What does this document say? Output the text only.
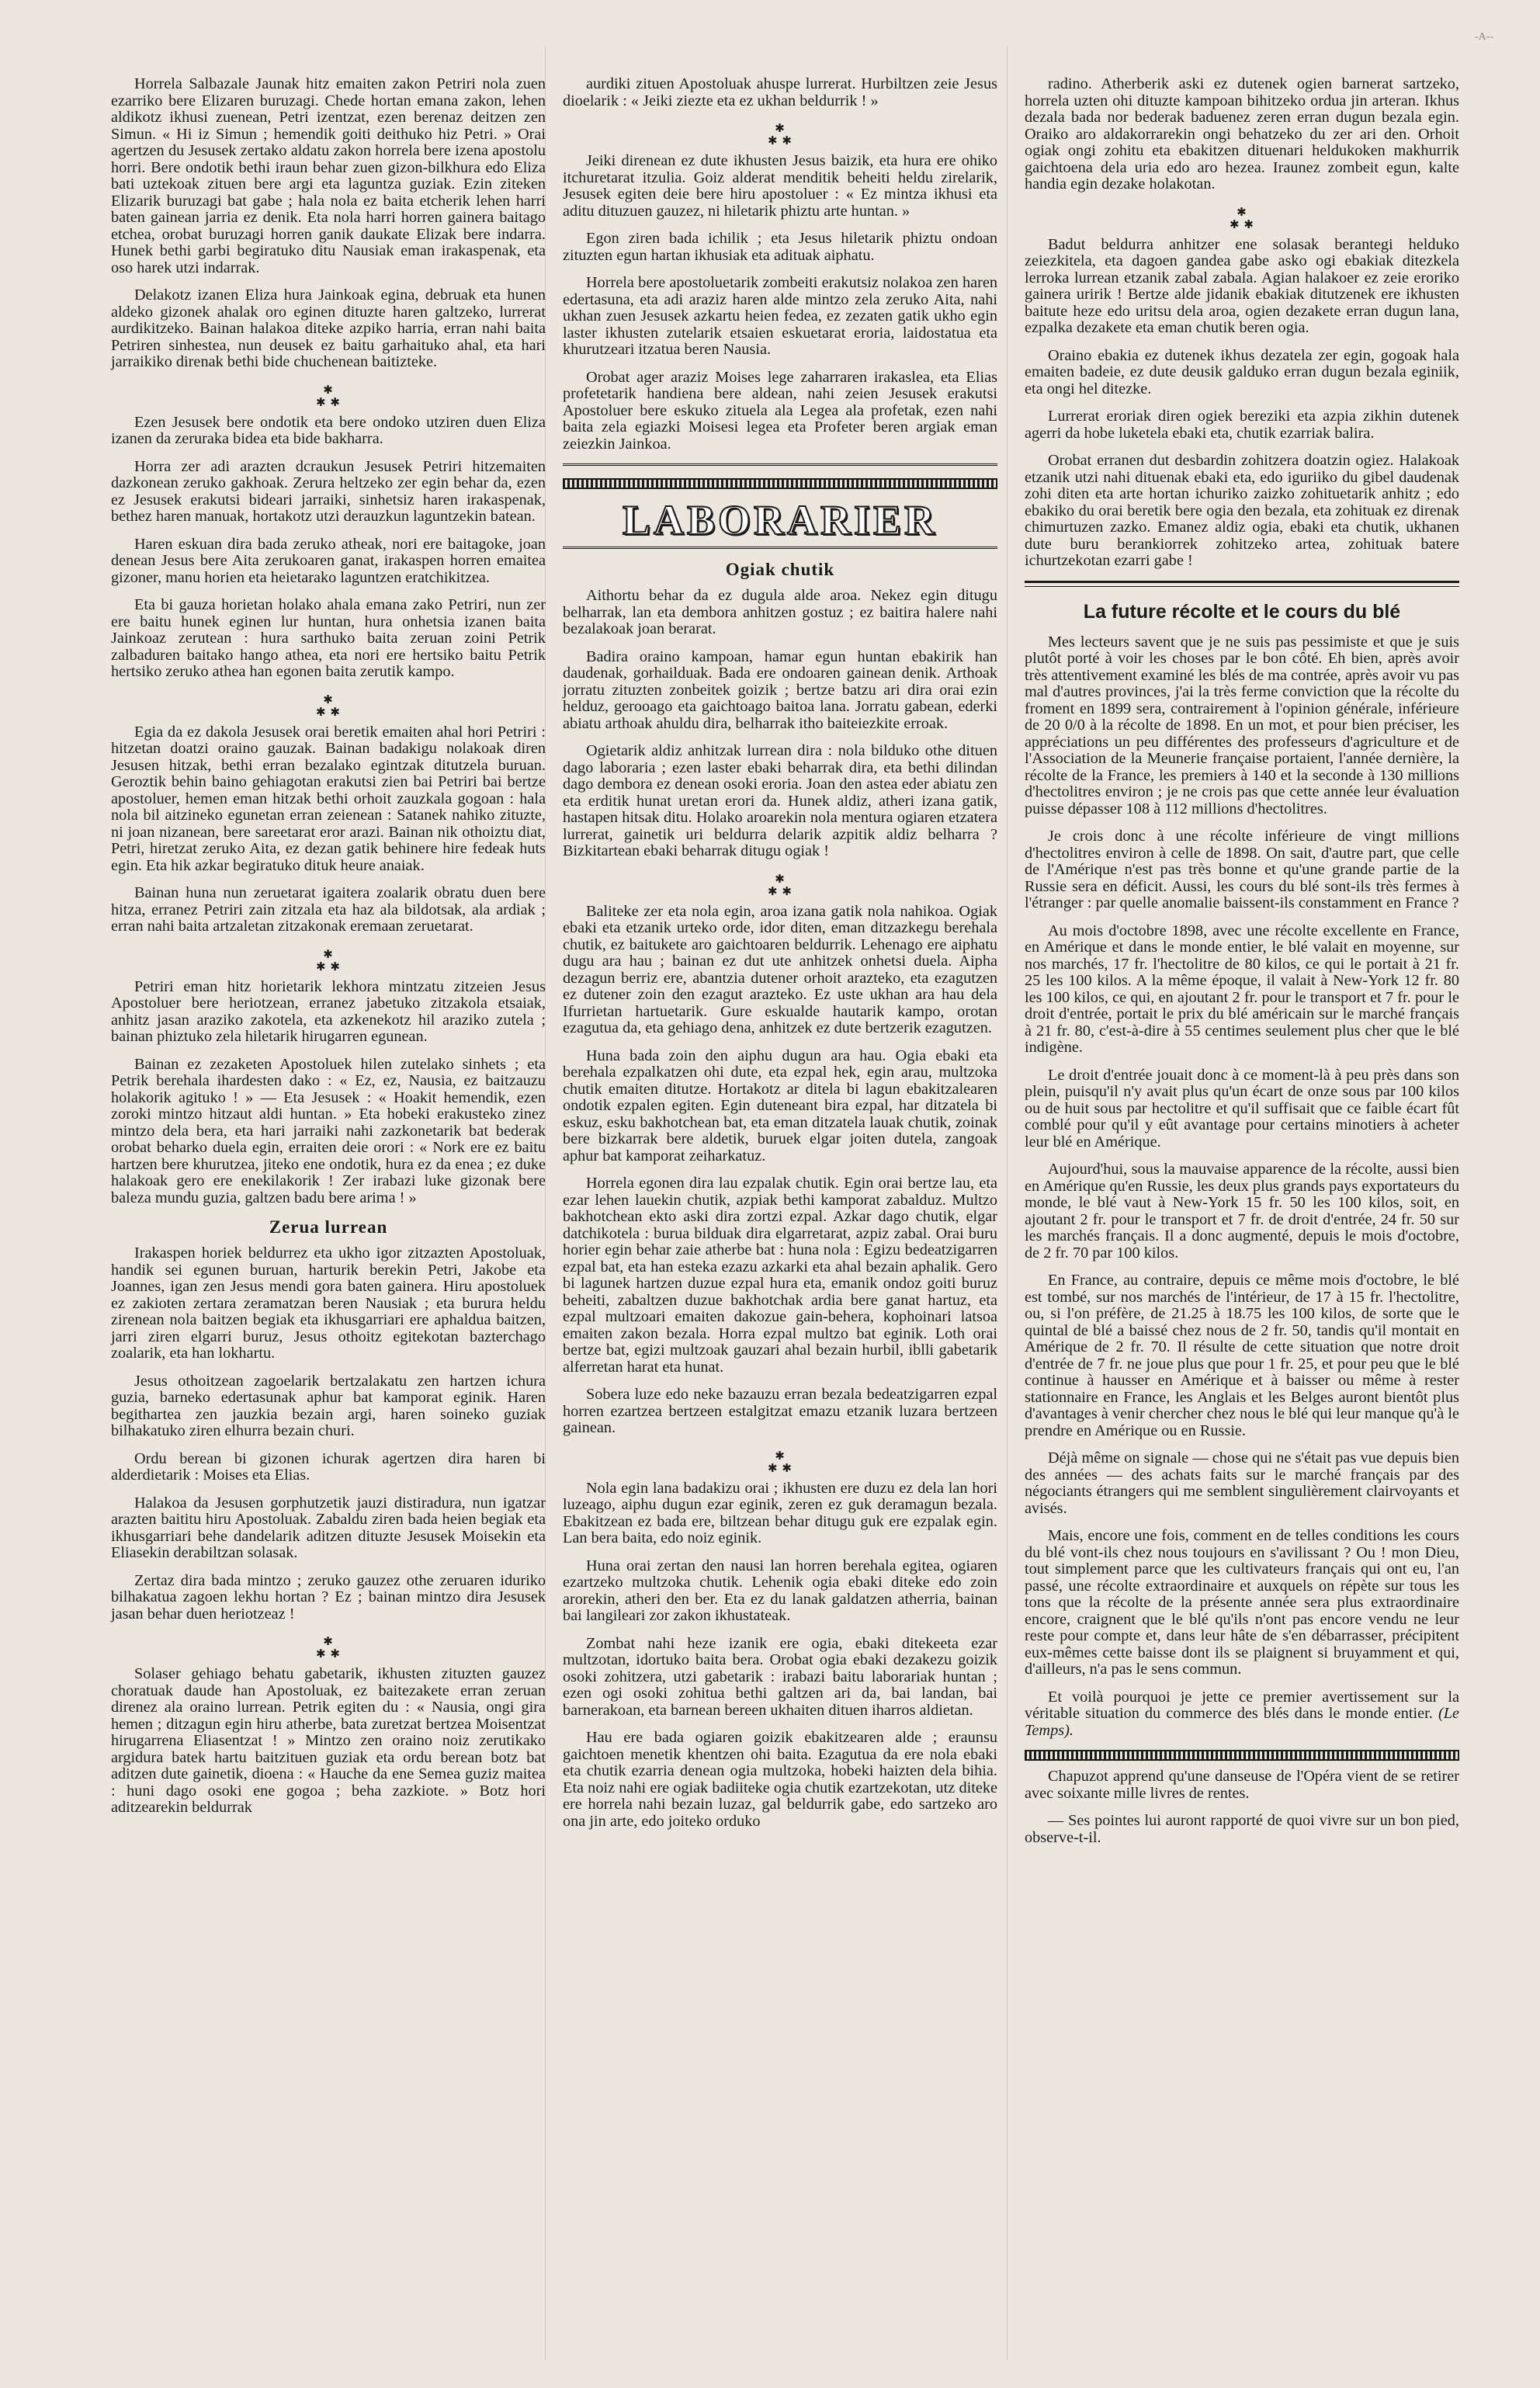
-A--

Horrela Salbazale Jaunak hitz emaiten zakon Petriri nola zuen ezarriko bere Elizaren buruzagi. Chede hortan emana zakon, lehen aldikotz ikhusi zuenean, Petri izentzat, ezen berenaz deitzen zen Simun. « Hi iz Simun ; hemendik goiti deithuko hiz Petri. » Orai agertzen du Jesusek zertako aldatu zakon horrela bere izena apostolu horri. Bere ondotik bethi iraun behar zuen gizon-bilkhura edo Eliza bati uztekoak zituen bere argi eta laguntza guziak. Ezin ziteken Elizarik buruzagi bat gabe ; hala nola ez baita etcherik lehen harri baten gainean jarria ez denik. Eta nola harri horren gainera baitago etchea, orobat buruzagi horren ganik daukate Elizak bere indarra. Hunek bethi garbi begiratuko ditu Nausiak eman irakaspenak, eta oso harek utzi indarrak.

Delakotz izanen Eliza hura Jainkoak egina, debruak eta hunen aldeko gizonek ahalak oro eginen dituzte haren galtzeko, lurrerat aurdikitzeko. Bainan halakoa diteke azpiko harria, erran nahi baita Petriren sinhestea, nun deusek ez baitu garhaituko ahal, eta hari jarraikiko direnak bethi bide chuchenean baitizteke.

✱
✱ ✱

Ezen Jesusek bere ondotik eta bere ondoko utziren duen Eliza izanen da zeruraka bidea eta bide bakharra.

Horra zer adi arazten dcraukun Jesusek Petriri hitzemaiten dazkonean zeruko gakhoak. Zerura heltzeko zer egin behar da, ezen ez Jesusek erakutsi bideari jarraiki, sinhetsiz haren irakaspenak, bethez haren manuak, hortakotz utzi derauzkun laguntzekin batean.

Haren eskuan dira bada zeruko atheak, nori ere baitagoke, joan denean Jesus bere Aita zerukoaren ganat, irakaspen horren emaitea gizoner, manu horien eta heietarako laguntzen eratchikitzea.

Eta bi gauza horietan holako ahala emana zako Petriri, nun zer ere baitu hunek eginen lur huntan, hura onhetsia izanen baita Jainkoaz zerutean : hura sarthuko baita zeruan zoini Petrik zalbaduren baitako hango athea, eta nori ere hertsiko baitu Petrik hertsiko zeruko athea han egonen baita zerutik kampo.

✱
✱ ✱

Egia da ez dakola Jesusek orai beretik emaiten ahal hori Petriri : hitzetan doatzi oraino gauzak. Bainan badakigu nolakoak diren Jesusen hitzak, bethi erran bezalako egintzak ditutzela buruan. Geroztik behin baino gehiagotan erakutsi zien bai Petriri bai bertze apostoluer, hemen eman hitzak bethi orhoit zauzkala gogoan : hala nola bil aitzineko egunetan erran zeienean : Satanek nahiko zituzte, ni joan nizanean, bere sareetarat eror arazi. Bainan nik othoiztu diat, Petri, hiretzat zeruko Aita, ez dezan gatik behinere hire fedeak huts egin. Eta hik azkar begiratuko dituk heure anaiak.

Bainan huna nun zeruetarat igaitera zoalarik obratu duen bere hitza, erranez Petriri zain zitzala eta haz ala bildotsak, ala ardiak ; erran nahi baita artzaletan zitzakonak eremaan zeruetarat.

✱
✱ ✱

Petriri eman hitz horietarik lekhora mintzatu zitzeien Jesus Apostoluer bere heriotzean, erranez jabetuko zitzakola etsaiak, anhitz jasan araziko zakotela, eta azkenekotz hil araziko zutela ; bainan phiztuko zela hiletarik hirugarren egunean.

Bainan ez zezaketen Apostoluek hilen zutelako sinhets ; eta Petrik berehala ihardesten dako : « Ez, ez, Nausia, ez baitzauzu holakorik agituko ! » — Eta Jesusek : « Hoakit hemendik, ezen zoroki mintzo hitzaut aldi huntan. » Eta hobeki erakusteko zinez mintzo dela bera, eta hari jarraiki nahi zazkonetarik bat bederak orobat beharko duela egin, erraiten deie orori : « Nork ere ez baitu hartzen bere khurutzea, jiteko ene ondotik, hura ez da enea ; ez duke halakoak gero ere enekilakorik ! Zer irabazi luke gizonak bere baleza mundu guzia, galtzen badu bere arima ! »

Zerua lurrean

Irakaspen horiek beldurrez eta ukho igor zitzazten Apostoluak, handik sei egunen buruan, harturik berekin Petri, Jakobe eta Joannes, igan zen Jesus mendi gora baten gainera. Hiru apostoluek ez zakioten zertara zeramatzan beren Nausiak ; eta burura heldu zirenean nola baitzen begiak eta ikhusgarriari ere aphaldua baitzen, jarri ziren elgarri buruz, Jesus othoitz egitekotan bazterchago zoalarik, eta han lokhartu.

Jesus othoitzean zagoelarik bertzalakatu zen hartzen ichura guzia, barneko edertasunak aphur bat kamporat eginik. Haren begithartea zen jauzkia bezain argi, haren soineko guziak bilhakatuko ziren elhurra bezain churi.

Ordu berean bi gizonen ichurak agertzen dira haren bi alderdietarik : Moises eta Elias.

Halakoa da Jesusen gorphutzetik jauzi distiradura, nun igatzar arazten baititu hiru Apostoluak. Zabaldu ziren bada heien begiak eta ikhusgarriari behe dandelarik aditzen dituzte Jesusek Moisekin eta Eliasekin derabiltzan solasak.

Zertaz dira bada mintzo ; zeruko gauzez othe zeruaren iduriko bilhakatua zagoen lekhu hortan ? Ez ; bainan mintzo dira Jesusek jasan behar duen heriotzeaz !

✱
✱ ✱

Solaser gehiago behatu gabetarik, ikhusten zituzten gauzez choratuak daude han Apostoluak, ez baitezakete erran zeruan direnez ala oraino lurrean. Petrik egiten du : « Nausia, ongi gira hemen ; ditzagun egin hiru atherbe, bata zuretzat bertzea Moisentzat hirugarrena Eliasentzat ! » Mintzo zen oraino noiz zerutikako argidura batek hartu baitzituen guziak eta ordu berean botz bat aditzen dute gainetik, dioena : « Hauche da ene Semea guziz maitea : huni dago osoki ene gogoa ; beha zazkiote. » Botz hori aditzearekin beldurrak

aurdiki zituen Apostoluak ahuspe lurrerat. Hurbiltzen zeie Jesus dioelarik : « Jeiki ziezte eta ez ukhan beldurrik ! »

✱
✱ ✱

Jeiki direnean ez dute ikhusten Jesus baizik, eta hura ere ohiko itchuretarat itzulia. Goiz alderat menditik beheiti heldu zirelarik, Jesusek egiten deie bere hiru apostoluer : « Ez mintza ikhusi eta aditu dituzuen gauzez, ni hiletarik phiztu arte huntan. »

Egon ziren bada ichilik ; eta Jesus hiletarik phiztu ondoan zituzten egun hartan ikhusiak eta adituak aiphatu.

Horrela bere apostoluetarik zombeiti erakutsiz nolakoa zen haren edertasuna, eta adi araziz haren alde mintzo zela zeruko Aita, nahi ukhan zuen Jesusek azkartu heien fedea, ez zezaten gatik ukho egin laster ikhusten zutelarik etsaien eskuetarat eroria, laidostatua eta khurutzeari itzatua beren Nausia.

Orobat ager araziz Moises lege zaharraren irakaslea, eta Elias profetetarik handiena bere aldean, nahi zeien Jesusek erakutsi Apostoluer bere eskuko zituela ala Legea ala profetak, ezen nahi baita zela egiazki Moisesi legea eta Profeter beren argiak eman zeiezkin Jainkoa.

LABORARIER
Ogiak chutik

Aithortu behar da ez dugula alde aroa. Nekez egin ditugu belharrak, lan eta dembora anhitzen gostuz ; ez baitira halere nahi bezalakoak joan berarat.

Badira oraino kampoan, hamar egun huntan ebakirik han daudenak, gorhailduak. Bada ere ondoaren gainean denik. Arthoak jorratu zituzten zonbeitek goizik ; bertze batzu ari dira orai ezin helduz, gerooago eta gaichtoago baitoa lana. Jorratu gabean, ederki abiatu arthoak ahuldu dira, belharrak itho baiteiezkite erroak.

Ogietarik aldiz anhitzak lurrean dira : nola bilduko othe dituen dago laboraria ; ezen laster ebaki beharrak dira, eta bethi dilindan dago dembora ez denean osoki eroria. Joan den astea eder abiatu zen eta erditik hunat uretan erori da. Hunek aldiz, atheri izana gatik, hastapen hitsak ditu. Holako aroarekin nola mentura ogiaren etzatera lurrerat, gainetik uri beldurra delarik azpitik aldiz belharra ? Bizkitartean ebaki beharrak ditugu ogiak !

✱
✱ ✱

Baliteke zer eta nola egin, aroa izana gatik nola nahikoa. Ogiak ebaki eta etzanik urteko orde, idor diten, eman ditzazkegu berehala chutik, ez baitukete aro gaichtoaren beldurrik. Lehenago ere aiphatu dugu ara hau ; bainan ez dut ute anhitzek onhetsi duela. Aipha dezagun berriz ere, abantzia dutener orhoit arazteko, eta ezagutzen ez dutener zoin den ezagut arazteko. Ez uste ukhan ara hau dela Ifurrietan hartuetarik. Gure eskualde hautarik kampo, orotan ezagutua da, eta gehiago dena, anhitzek ez dute bertzerik ezagutzen.

Huna bada zoin den aiphu dugun ara hau. Ogia ebaki eta berehala ezpalkatzen ohi dute, eta ezpal hek, egin arau, multzoka chutik emaiten ditutze. Hortakotz ar ditela bi lagun ebakitzalearen ondotik ezpalen egiten. Egin duteneant bira ezpal, har ditzatela bi eskuz, esku bakhotchean bat, eta eman ditzatela lauak chutik, zoinak bere bizkarrak bere aldetik, buruek elgar joiten dutela, zangoak aphur bat kamporat zeiharkatuz.

Horrela egonen dira lau ezpalak chutik. Egin orai bertze lau, eta ezar lehen lauekin chutik, azpiak bethi kamporat zabalduz. Multzo bakhotchean ekto aski dira zortzi ezpal. Azkar dago chutik, elgar datchikotela : burua bilduak dira elgarretarat, azpiz zabal. Orai buru horier egin behar zaie atherbe bat : huna nola : Egizu bedeatzigarren ezpal bat, eta han esteka ezazu azkarki eta ahal bezain aphalik. Gero bi lagunek hartzen duzue ezpal hura eta, emanik ondoz goiti buruz beheiti, zabaltzen duzue bakhotchak ardia bere ganat hartuz, eta ezpal multzoari emaiten dakozue gain-behera, kophoinari latsoa emaiten zakon bezala. Horra ezpal multzo bat eginik. Loth orai bertze bat, egizi multzoak gauzari ahal bezain hurbil, iblli gabetarik alferretan harat eta hunat.

Sobera luze edo neke bazauzu erran bezala bedeatzigarren ezpal horren ezartzea bertzeen estalgitzat emazu etzanik luzara bertzeen gainean.

✱
✱ ✱

Nola egin lana badakizu orai ; ikhusten ere duzu ez dela lan hori luzeago, aiphu dugun ezar eginik, zeren ez guk deramagun bezala. Ebakitzean ez bada ere, biltzean behar ditugu guk ere ezpalak egin. Lan bera baita, edo noiz eginik.

Huna orai zertan den nausi lan horren berehala egitea, ogiaren ezartzeko multzoka chutik. Lehenik ogia ebaki diteke edo zoin arorekin, atheri den ber. Eta ez du lanak galdatzen atherria, bainan bai langileari zor zakon ikhustateak.

Zombat nahi heze izanik ere ogia, ebaki ditekeeta ezar multzotan, idortuko baita bera. Orobat ogia ebaki dezakezu goizik osoki zohitzera, utzi gabetarik : irabazi baitu laborariak huntan ; ezen ogi osoki zohitua bethi galtzen ari da, bai landan, bai barnerakoan, eta barnean bereen ukhaiten dituen iharros aldietan.

Hau ere bada ogiaren goizik ebakitzearen alde ; eraunsu gaichtoen menetik khentzen ohi baita. Ezagutua da ere nola ebaki eta chutik ezarria denean ogia multzoka, hobeki haizten dela bihia. Eta noiz nahi ere ogiak badiiteke ogia chutik ezartzekotan, utz diteke ere horrela nahi bezain luzaz, gal beldurrik gabe, edo sartzeko aro ona jin arte, edo joiteko orduko

radino. Atherberik aski ez dutenek ogien barnerat sartzeko, horrela uzten ohi dituzte kampoan bihitzeko ordua jin arteran. Ikhus dezala bada nor bederak baduenez zeren erran dugun bezala egin. Oraiko aro aldakorrarekin ongi behatzeko du zer ari den. Orhoit ogiak ongi zohitu eta ebakitzen dituenari heldukoken makhurrik gaichtoena dela uria edo aro hezea. Iraunez zombeit egun, kalte handia egin dezake holakotan.

✱
✱ ✱

Badut beldurra anhitzer ene solasak berantegi helduko zeiezkitela, eta dagoen gandea gabe asko ogi ebakiak ditezkela lerroka lurrean etzanik zabal zabala. Agian halakoer ez zeie erorikо gainera uririk ! Bertze alde jidanik ebakiak ditutzenek ere ikhusten baitute heze edo uritsu dela aroa, ogien dezakete erran dugun lana, ezpalka dezakete eta eman chutik beren ogia.

Oraino ebakia ez dutenek ikhus dezatela zer egin, gogoak hala emaiten badeie, ez dute deusik galduko erran dugun bezala eginiik, eta ongi hel ditezke.

Lurrerat eroriak diren ogiek bereziki eta azpia zikhin dutenek agerri da hobe luketela ebaki eta, chutik ezarriak balira.

Orobat erranen dut desbardin zohitzera doatzin ogiez. Halakoak etzanik utzi nahi dituenak ebaki eta, edo iguriiko du gibel daudenak zohi diten eta arte hortan ichuriko zaizko zohituetarik anhitz ; edo ebakiko du orai beretik bere ogia den bezala, eta zohituak ez direnak chimurtuzen zazko. Emanez aldiz ogia, ebaki eta chutik, ukhanen dute buru berankiorrek zohitzeko artea, zohituak batere ichurtzekotan ezarri gabe !

La future récolte et le cours du blé

Mes lecteurs savent que je ne suis pas pessimiste et que je suis plutôt porté à voir les choses par le bon côté. Eh bien, après avoir très attentivement examiné les blés de ma contrée, après avoir vu pas mal d'autres provinces, j'ai la très ferme conviction que la récolte du froment en 1899 sera, contrairement à l'opinion générale, inférieure de 20 0/0 à la récolte de 1898. En un mot, et pour bien préciser, les appréciations un peu différentes des professeurs d'agriculture et de l'Association de la Meunerie française portaient, l'année dernière, la récolte de la France, les premiers à 140 et la seconde à 130 millions d'hectolitres environ ; je ne crois pas que cette année leur évaluation puisse dépasser 108 à 112 millions d'hectolitres.

Je crois donc à une récolte inférieure de vingt millions d'hectolitres environ à celle de 1898. On sait, d'autre part, que celle de l'Amérique n'est pas très bonne et qu'une grande partie de la Russie sera en déficit. Aussi, les cours du blé sont-ils très fermes à l'étranger : par quelle anomalie baissent-ils constamment en France ?

Au mois d'octobre 1898, avec une récolte excellente en France, en Amérique et dans le monde entier, le blé valait en moyenne, sur nos marchés, 17 fr. l'hectolitre de 80 kilos, ce qui le portait à 21 fr. 25 les 100 kilos. A la même époque, il valait à New-York 12 fr. 80 les 100 kilos, ce qui, en ajoutant 2 fr. pour le transport et 7 fr. pour le droit d'entrée, portait le prix du blé américain sur le marché français à 21 fr. 80, c'est-à-dire à 55 centimes seulement plus cher que le blé indigène.

Le droit d'entrée jouait donc à ce moment-là à peu près dans son plein, puisqu'il n'y avait plus qu'un écart de onze sous par 100 kilos ou de huit sous par hectolitre et qu'il suffisait que ce faible écart fût comblé pour qu'il y eût avantage pour certains minotiers à acheter leur blé en Amérique.

Aujourd'hui, sous la mauvaise apparence de la récolte, aussi bien en Amérique qu'en Russie, les deux plus grands pays exportateurs du monde, le blé vaut à New-York 15 fr. 50 les 100 kilos, soit, en ajoutant 2 fr. pour le transport et 7 fr. de droit d'entrée, 24 fr. 50 sur les marchés français. Il a donc augmenté, depuis le mois d'octobre, de 2 fr. 70 par 100 kilos.

En France, au contraire, depuis ce même mois d'octobre, le blé est tombé, sur nos marchés de l'intérieur, de 17 à 15 fr. l'hectolitre, ou, si l'on préfère, de 21.25 à 18.75 les 100 kilos, de sorte que le quintal de blé a baissé chez nous de 2 fr. 50, tandis qu'il montait en Amérique de 2 fr. 70. Il résulte de cette situation que notre droit d'entrée de 7 fr. ne joue plus que pour 1 fr. 25, et pour peu que le blé continue à hausser en Amérique et à baisser ou même à rester stationnaire en France, les Anglais et les Belges auront bientôt plus d'avantages à venir chercher chez nous le blé qui leur manque qu'à le prendre en Amérique ou en Russie.

Déjà même on signale — chose qui ne s'était pas vue depuis bien des années — des achats faits sur le marché français par des négociants étrangers qui me semblent singulièrement clairvoyants et avisés.

Mais, encore une fois, comment en de telles conditions les cours du blé vont-ils chez nous toujours en s'avilissant ? Ou ! mon Dieu, tout simplement parce que les cultivateurs français qui ont eu, l'an passé, une récolte extraordinaire et auxquels on répète sur tous les tons que la récolte de la présente année sera plus extraordinaire encore, craignent que le blé qu'ils n'ont pas encore vendu ne leur reste pour compte et, dans leur hâte de s'en débarrasser, précipitent eux-mêmes cette baisse dont ils se plaignent si bruyamment et qui, d'ailleurs, n'a pas le sens commun.

Et voilà pourquoi je jette ce premier avertissement sur la véritable situation du commerce des blés dans le monde entier. (Le Temps).

Chapuzot apprend qu'une danseuse de l'Opéra vient de se retirer avec soixante mille livres de rentes.

— Ses pointes lui auront rapporté de quoi vivre sur un bon pied, observe-t-il.
